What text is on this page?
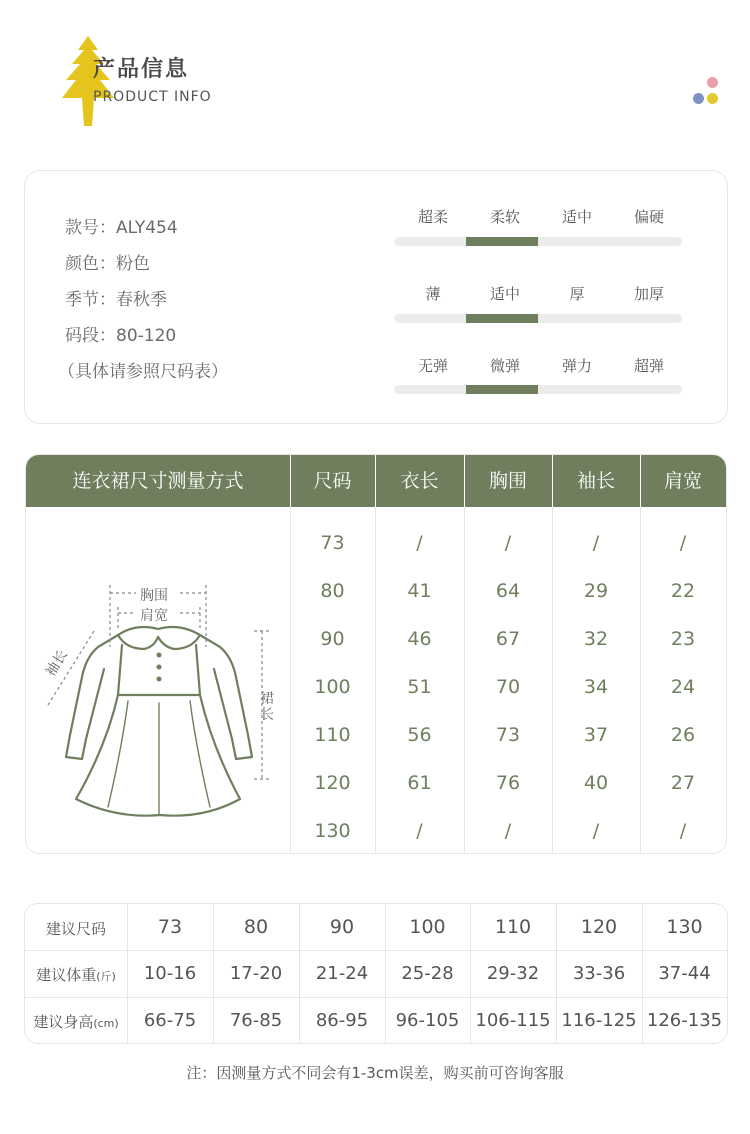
产品信息
PRODUCT INFO
款号：ALY454
颜色：粉色
季节：春秋季
码段：80-120
（具体请参照尺码表）
超柔	柔软	适中	偏硬
薄	适中	厚	加厚
无弹	微弹	弹力	超弹
连衣裙尺寸测量方式	尺码	衣长	胸围	袖长	肩宽
胸围
肩宽
袖长
裙长
73	/	/	/	/
80	41	64	29	22
90	46	67	32	23
100	51	70	34	24
110	56	73	37	26
120	61	76	40	27
130	/	/	/	/
建议尺码	73	80	90	100	110	120	130
建议体重(斤)	10-16	17-20	21-24	25-28	29-32	33-36	37-44
建议身高(cm)	66-75	76-85	86-95	96-105 106-115 116-125 126-135
注：因测量方式不同会有1-3cm误差，购买前可咨询客服
